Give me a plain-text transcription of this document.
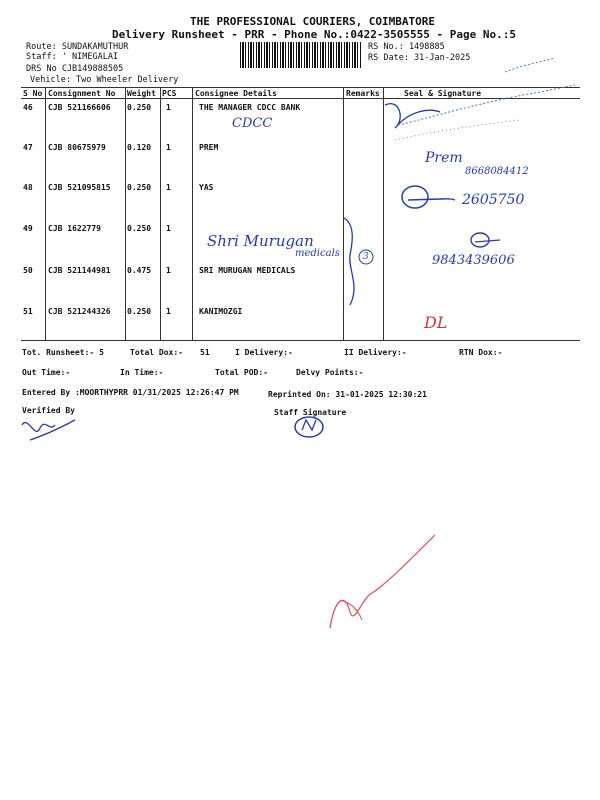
THE PROFESSIONAL COURIERS, COIMBATORE
Delivery Runsheet - PRR - Phone No.:0422-3505555 - Page No.:5
Route: SUNDAKAMUTHUR
Staff: ' NIMEGALAI
DRS No CJB149888505
Vehicle: Two Wheeler Delivery
RS No.: 1498885
RS Date: 31-Jan-2025
S No Consignment No Weight PCS Consignee Details	Remarks	Seal & Signature
46 CJB 521166606 0.250 1	THE MANAGER CDCC BANK
47 CJB 80675979	0.120 1	PREM
48 CJB 521095815 0.250 1	YAS
49 CJB 1622779	0.250 1
50 CJB 521144981 0.475 1	SRI MURUGAN MEDICALS
51 CJB 521244326 0.250 1	KANIMOZGI
CDCC
Prem
8668084412
2605750
Shri Murugan
medicals	3	9843439606
DL
Tot. Runsheet:- 5	Total Dox:- 51	I Delivery:-	II Delivery:-	RTN Dox:-
Out Time:-	In Time:-	Total POD:-	Delvy Points:-
Entered By :MOORTHYPRR 01/31/2025 12:26:47 PM	Reprinted On: 31-01-2025 12:30:21
Verified By	Staff Signature
